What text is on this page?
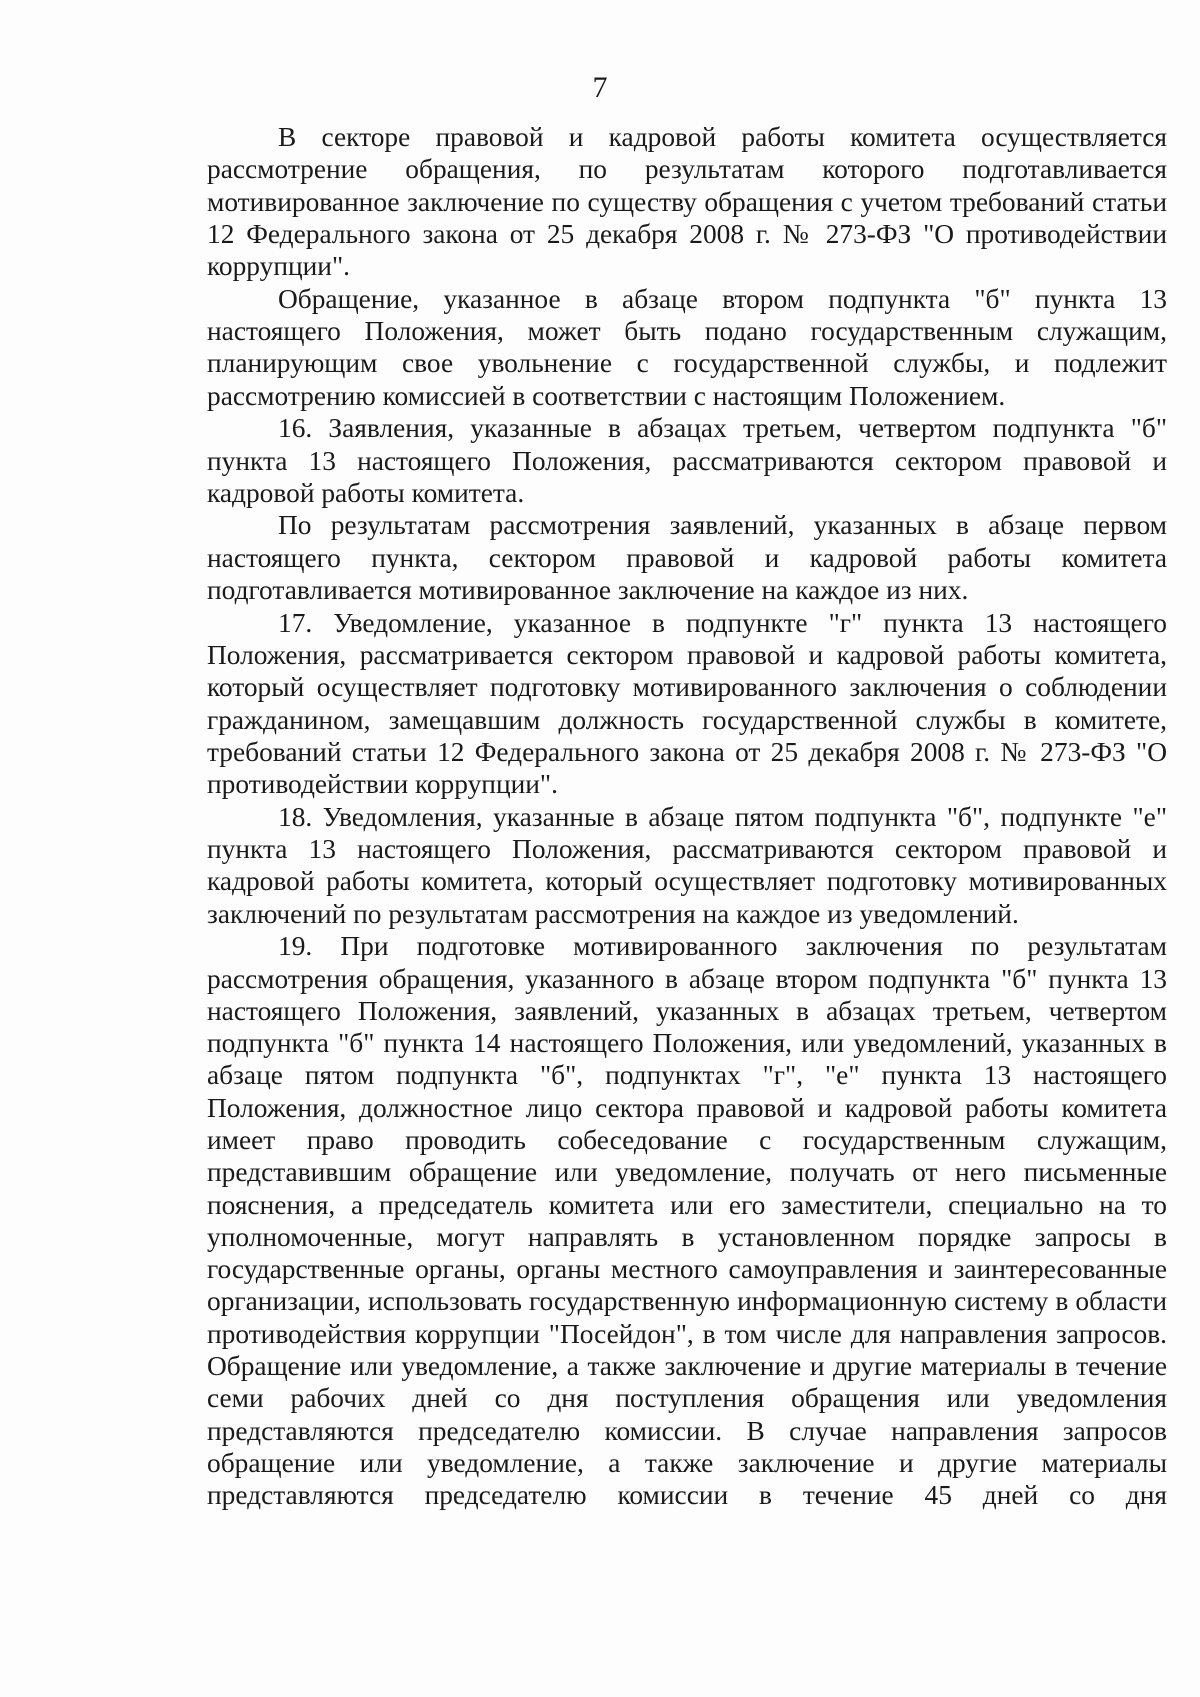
7

В секторе правовой и кадровой работы комитета осуществляется рассмотрение обращения, по результатам которого подготавливается мотивированное заключение по существу обращения с учетом требований статьи 12 Федерального закона от 25 декабря 2008 г. № 273-ФЗ "О противодействии коррупции".

Обращение, указанное в абзаце втором подпункта "б" пункта 13 настоящего Положения, может быть подано государственным служащим, планирующим свое увольнение с государственной службы, и подлежит рассмотрению комиссией в соответствии с настоящим Положением.

16. Заявления, указанные в абзацах третьем, четвертом подпункта "б" пункта 13 настоящего Положения, рассматриваются сектором правовой и кадровой работы комитета.

По результатам рассмотрения заявлений, указанных в абзаце первом настоящего пункта, сектором правовой и кадровой работы комитета подготавливается мотивированное заключение на каждое из них.

17. Уведомление, указанное в подпункте "г" пункта 13 настоящего Положения, рассматривается сектором правовой и кадровой работы комитета, который осуществляет подготовку мотивированного заключения о соблюдении гражданином, замещавшим должность государственной службы в комитете, требований статьи 12 Федерального закона от 25 декабря 2008 г. № 273-ФЗ "О противодействии коррупции".

18. Уведомления, указанные в абзаце пятом подпункта "б", подпункте "е" пункта 13 настоящего Положения, рассматриваются сектором правовой и кадровой работы комитета, который осуществляет подготовку мотивированных заключений по результатам рассмотрения на каждое из уведомлений.

19. При подготовке мотивированного заключения по результатам рассмотрения обращения, указанного в абзаце втором подпункта "б" пункта 13 настоящего Положения, заявлений, указанных в абзацах третьем, четвертом подпункта "б" пункта 14 настоящего Положения, или уведомлений, указанных в абзаце пятом подпункта "б", подпунктах "г", "е" пункта 13 настоящего Положения, должностное лицо сектора правовой и кадровой работы комитета имеет право проводить собеседование с государственным служащим, представившим обращение или уведомление, получать от него письменные пояснения, а председатель комитета или его заместители, специально на то уполномоченные, могут направлять в установленном порядке запросы в государственные органы, органы местного самоуправления и заинтересованные организации, использовать государственную информационную систему в области противодействия коррупции "Посейдон", в том числе для направления запросов. Обращение или уведомление, а также заключение и другие материалы в течение семи рабочих дней со дня поступления обращения или уведомления представляются председателю комиссии. В случае направления запросов обращение или уведомление, а также заключение и другие материалы представляются председателю комиссии в течение 45 дней со дня
